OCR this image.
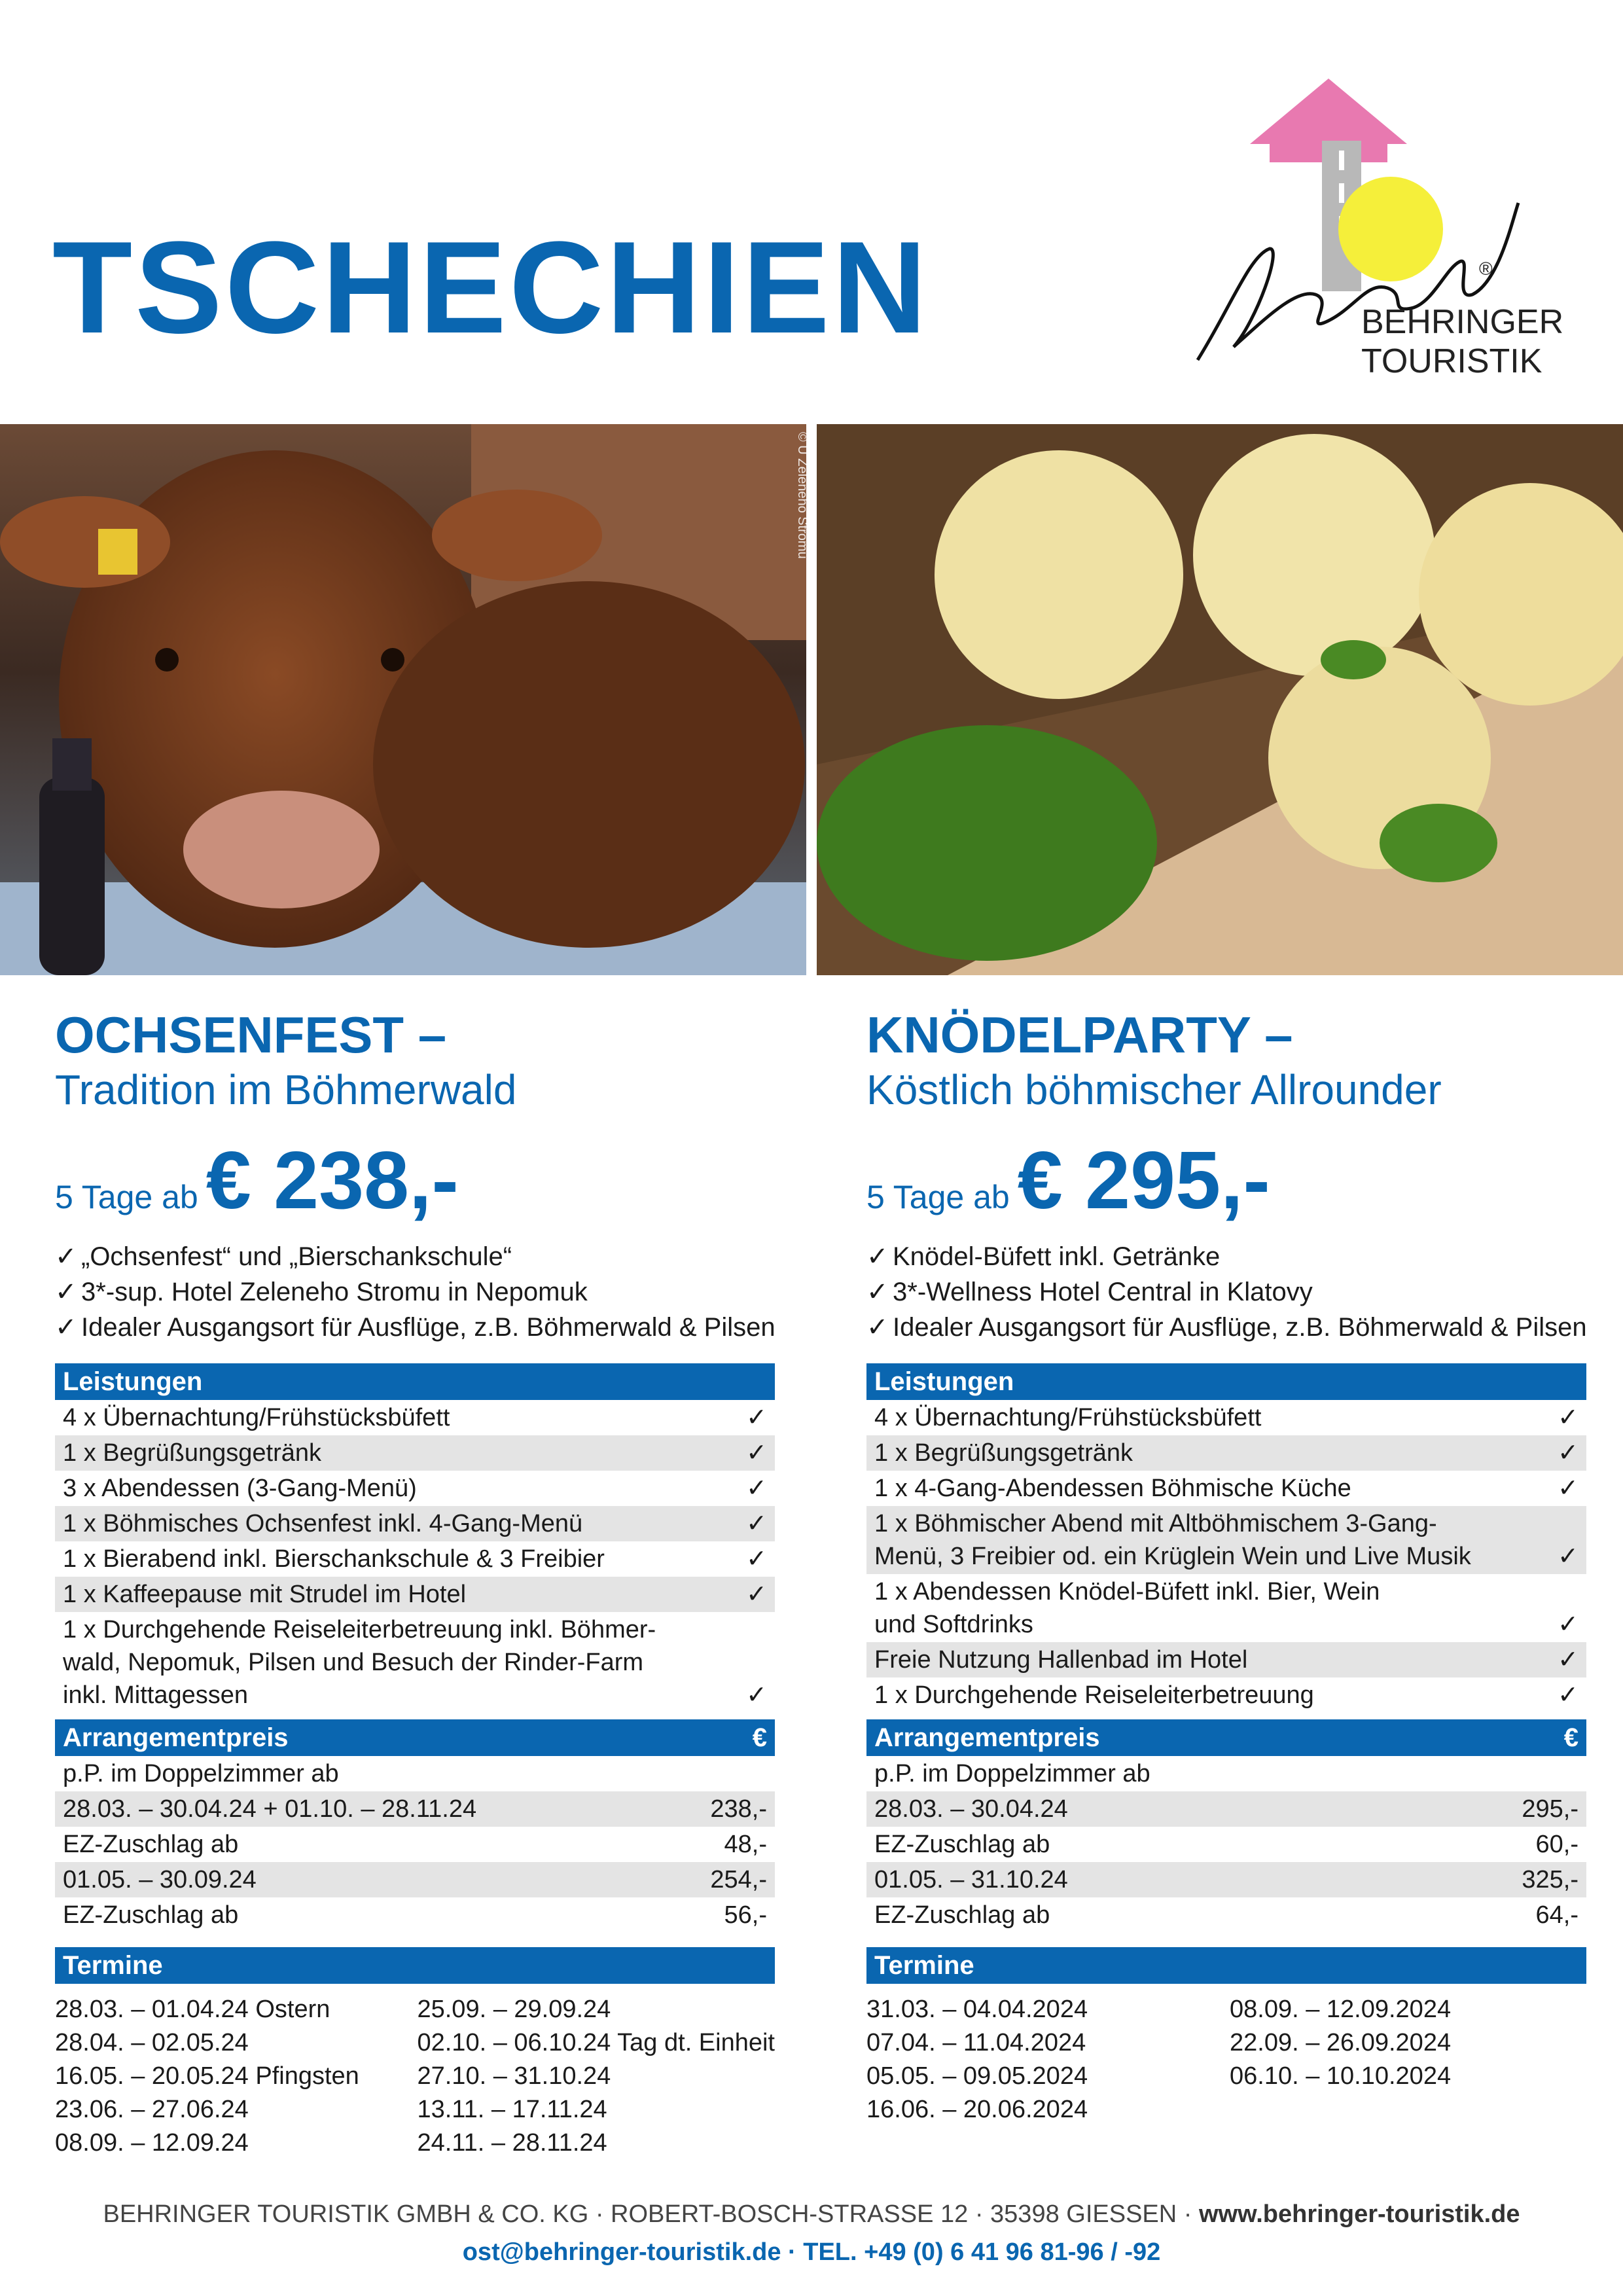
TSCHECHIEN	®
BEHRINGER
TOURISTIK
© U Zeleneho Stromu
OCHSENFEST –
Tradition im Böhmerwald
5 Tage ab€ 238,-
✓ „Ochsenfest“ und „Bierschankschule“
✓ 3*-sup. Hotel Zeleneho Stromu in Nepomuk
✓ Idealer Ausgangsort für Ausflüge, z.B. Böhmerwald & Pilsen
Leistungen
4 x Übernachtung/Frühstücksbüfett	✓
1 x Begrüßungsgetränk	✓
3 x Abendessen (3-Gang-Menü)	✓
1 x Böhmisches Ochsenfest inkl. 4-Gang-Menü	✓
1 x Bierabend inkl. Bierschankschule & 3 Freibier	✓
1 x Kaffeepause mit Strudel im Hotel	✓
1 x Durchgehende Reiseleiterbetreuung inkl. Böhmer-
wald, Nepomuk, Pilsen und Besuch der Rinder-Farm
inkl. Mittagessen	✓
Arrangementpreis	€
p.P. im Doppelzimmer ab
28.03. – 30.04.24 + 01.10. – 28.11.24	238,-
EZ-Zuschlag ab	48,-
01.05. – 30.09.24	254,-
EZ-Zuschlag ab	56,-
Termine
28.03. – 01.04.24 Ostern	25.09. – 29.09.24
28.04. – 02.05.24	02.10. – 06.10.24 Tag dt. Einheit
16.05. – 20.05.24 Pfingsten	27.10. – 31.10.24
23.06. – 27.06.24	13.11. – 17.11.24
08.09. – 12.09.24	24.11. – 28.11.24
KNÖDELPARTY –
Köstlich böhmischer Allrounder
5 Tage ab€ 295,-
✓ Knödel-Büfett inkl. Getränke
✓ 3*-Wellness Hotel Central in Klatovy
✓ Idealer Ausgangsort für Ausflüge, z.B. Böhmerwald & Pilsen
Leistungen
4 x Übernachtung/Frühstücksbüfett	✓
1 x Begrüßungsgetränk	✓
1 x 4-Gang-Abendessen Böhmische Küche	✓
1 x Böhmischer Abend mit Altböhmischem 3-Gang-
Menü, 3 Freibier od. ein Krüglein Wein und Live Musik	✓
1 x Abendessen Knödel-Büfett inkl. Bier, Wein
und Softdrinks	✓
Freie Nutzung Hallenbad im Hotel	✓
1 x Durchgehende Reiseleiterbetreuung	✓
Arrangementpreis	€
p.P. im Doppelzimmer ab
28.03. – 30.04.24	295,-
EZ-Zuschlag ab	60,-
01.05. – 31.10.24	325,-
EZ-Zuschlag ab	64,-
Termine
31.03. – 04.04.2024	08.09. – 12.09.2024
07.04. – 11.04.2024	22.09. – 26.09.2024
05.05. – 09.05.2024	06.10. – 10.10.2024
16.06. – 20.06.2024
BEHRINGER TOURISTIK GMBH & CO. KG · ROBERT-BOSCH-STRASSE 12 · 35398 GIESSEN · www.behringer-touristik.de
ost@behringer-touristik.de · TEL. +49 (0) 6 41 96 81-96 / -92
